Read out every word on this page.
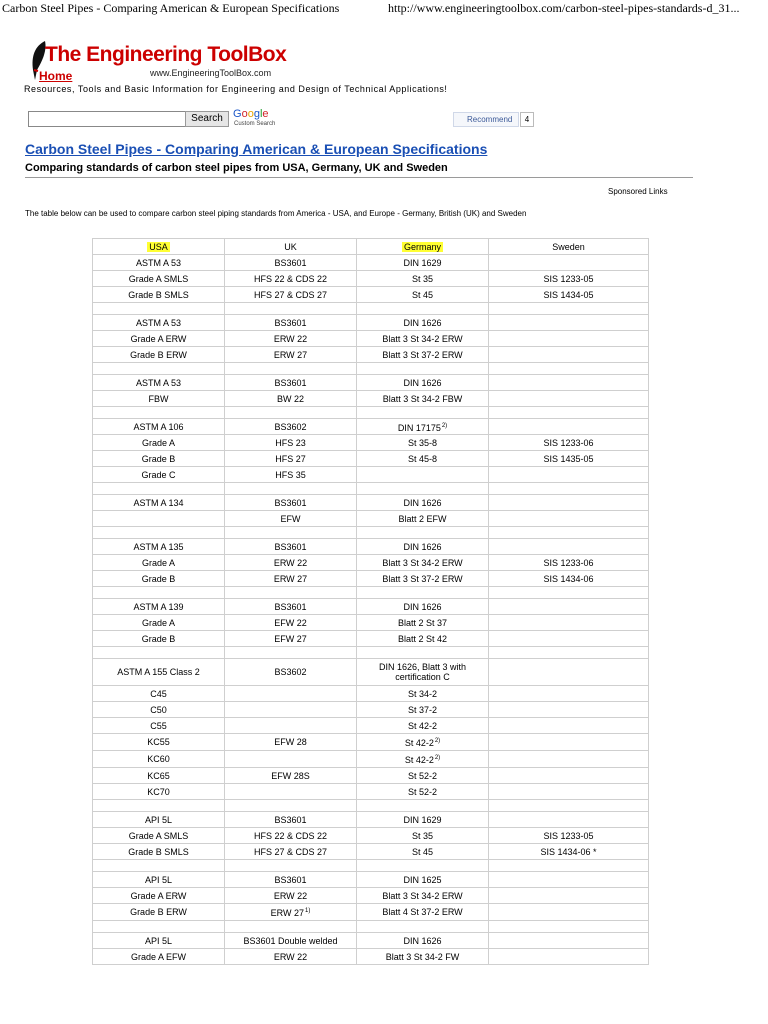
Carbon Steel Pipes - Comparing American & European Specifications	http://www.engineeringtoolbox.com/carbon-steel-pipes-standards-d_31...
The Engineering ToolBox
Home	www.EngineeringToolBox.com
Resources, Tools and Basic Information for Engineering and Design of Technical Applications!
Search Google
Custom Search	Recommend	4
Carbon Steel Pipes - Comparing American & European Specifications
Comparing standards of carbon steel pipes from USA, Germany, UK and Sweden
Sponsored Links
The table below can be used to compare carbon steel piping standards from America - USA, and Europe - Germany, British (UK) and Sweden
USA	UK	Germany	Sweden
ASTM A 53	BS3601	DIN 1629	
Grade A SMLS	HFS 22 & CDS 22	St 35	SIS 1233-05
Grade B SMLS	HFS 27 & CDS 27	St 45	SIS 1434-05

ASTM A 53	BS3601	DIN 1626	
Grade A ERW	ERW 22	Blatt 3 St 34-2 ERW	
Grade B ERW	ERW 27	Blatt 3 St 37-2 ERW	

ASTM A 53	BS3601	DIN 1626	
FBW	BW 22	Blatt 3 St 34-2 FBW	

ASTM A 106	BS3602	DIN 17175$^{2)}$	
Grade A	HFS 23	St 35-8	SIS 1233-06
Grade B	HFS 27	St 45-8	SIS 1435-05
Grade C	HFS 35		

ASTM A 134	BS3601	DIN 1626	
	EFW	Blatt 2 EFW	

ASTM A 135	BS3601	DIN 1626	
Grade A	ERW 22	Blatt 3 St 34-2 ERW	SIS 1233-06
Grade B	ERW 27	Blatt 3 St 37-2 ERW	SIS 1434-06

ASTM A 139	BS3601	DIN 1626	
Grade A	EFW 22	Blatt 2 St 37	
Grade B	EFW 27	Blatt 2 St 42	

ASTM A 155 Class 2	BS3602	DIN 1626, Blatt 3 with certification C	
C45		St 34-2	
C50		St 37-2	
C55		St 42-2	
KC55	EFW 28	St 42-2$^{2)}$	
KC60		St 42-2$^{2)}$	
KC65	EFW 28S	St 52-2	
KC70		St 52-2	

API 5L	BS3601	DIN 1629	
Grade A SMLS	HFS 22 & CDS 22	St 35	SIS 1233-05
Grade B SMLS	HFS 27 & CDS 27	St 45	SIS 1434-06 *

API 5L	BS3601	DIN 1625	
Grade A ERW	ERW 22	Blatt 3 St 34-2 ERW	
Grade B ERW	ERW 27$^{1)}$	Blatt 4 St 37-2 ERW	

API 5L	BS3601 Double welded	DIN 1626	
Grade A EFW	ERW 22	Blatt 3 St 34-2 FW	
